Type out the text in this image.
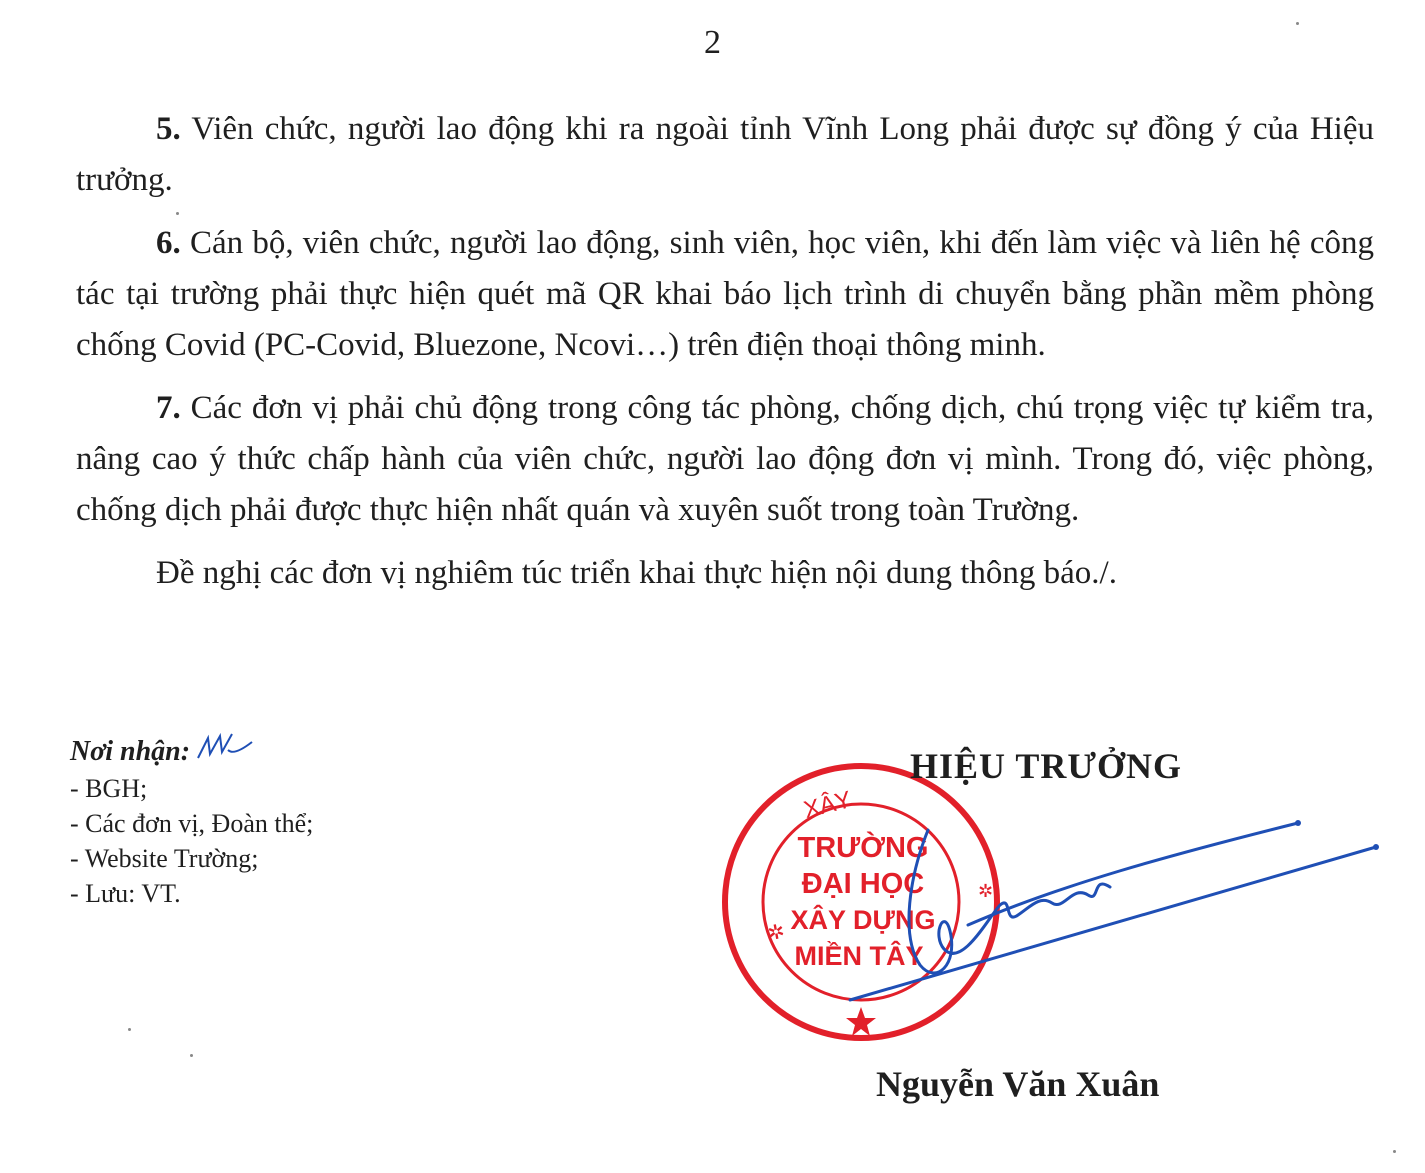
2

5. Viên chức, người lao động khi ra ngoài tỉnh Vĩnh Long phải được sự đồng ý của Hiệu trưởng.

6. Cán bộ, viên chức, người lao động, sinh viên, học viên, khi đến làm việc và liên hệ công tác tại trường phải thực hiện quét mã QR khai báo lịch trình di chuyển bằng phần mềm phòng chống Covid (PC-Covid, Bluezone, Ncovi…) trên điện thoại thông minh.

7. Các đơn vị phải chủ động trong công tác phòng, chống dịch, chú trọng việc tự kiểm tra, nâng cao ý thức chấp hành của viên chức, người lao động đơn vị mình. Trong đó, việc phòng, chống dịch phải được thực hiện nhất quán và xuyên suốt trong toàn Trường.

Đề nghị các đơn vị nghiêm túc triển khai thực hiện nội dung thông báo./.

Nơi nhận:
- BGH;
- Các đơn vị, Đoàn thể;
- Website Trường;
- Lưu: VT.
XÂY
✲
✲
TRƯỜNG
ĐẠI HỌC
XÂY DỰNG
MIỀN TÂY
HIỆU TRƯỞNG
Nguyễn Văn Xuân
